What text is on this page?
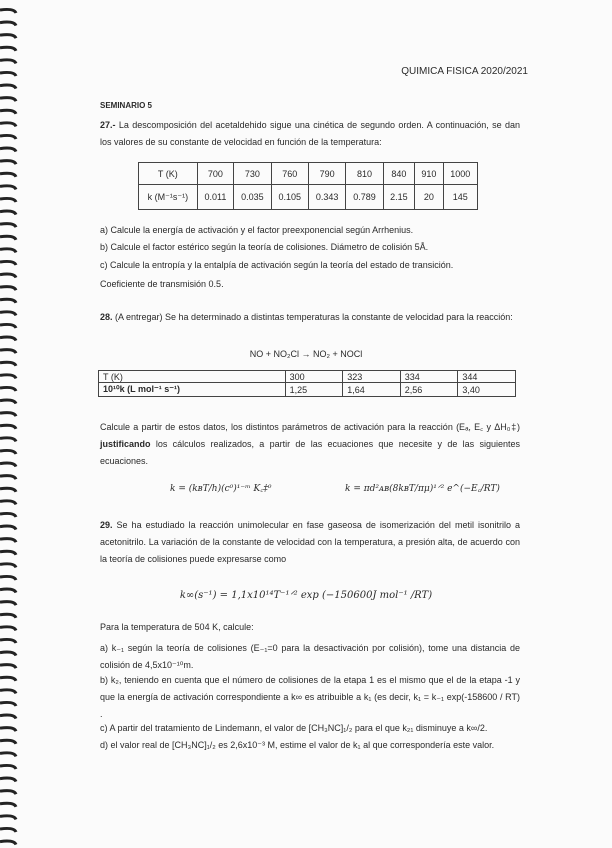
QUIMICA FISICA 2020/2021
SEMINARIO 5
27.- La descomposición del acetaldehido sigue una cinética de segundo orden. A continuación, se dan los valores de su constante de velocidad en función de la temperatura:
T (K)	700	730	760	790	810	840	910	1000
k (M⁻¹s⁻¹)	0.011	0.035	0.105	0.343	0.789	2.15	20	145
a) Calcule la energía de activación y el factor preexponencial según Arrhenius.
b) Calcule el factor estérico según la teoría de colisiones. Diámetro de colisión 5Å.
c) Calcule la entropía y la entalpía de activación según la teoría del estado de transición.
Coeficiente de transmisión 0.5.
28. (A entregar) Se ha determinado a distintas temperaturas la constante de velocidad para la reacción:
NO + NO₂Cl → NO₂ + NOCl
T (K)	300	323	334	344
10¹⁰k (L mol⁻¹ s⁻¹)	1,25	1,64	2,56	3,40
Calcule a partir de estos datos, los distintos parámetros de activación para la reacción (Eₐ, E꜀ y ΔH₀‡) justificando los cálculos realizados, a partir de las ecuaciones que necesite y de las siguientes ecuaciones.
k = (kʙT/h)(c⁰)¹⁻ᵐ K꜀‡⁰	k = πd²ᴀʙ(8kʙT/πμ)¹ᐟ² e^(−E꜀/RT)
29. Se ha estudiado la reacción unimolecular en fase gaseosa de isomerización del metil isonitrilo a acetonitrilo. La variación de la constante de velocidad con la temperatura, a presión alta, de acuerdo con la teoría de colisiones puede expresarse como
k∞(s⁻¹) = 1,1x10¹⁴T⁻¹ᐟ² exp (−150600J mol⁻¹ /RT)
Para la temperatura de 504 K, calcule:
a) k₋₁ según la teoría de colisiones (E₋₁=0 para la desactivación por colisión), tome una distancia de colisión de 4,5x10⁻¹⁰m.
b) k₂, teniendo en cuenta que el número de colisiones de la etapa 1 es el mismo que el de la etapa -1 y que la energía de activación correspondiente a k∞ es atribuible a k₁ (es decir, k₁ = k₋₁ exp(-158600 / RT) .
c) A partir del tratamiento de Lindemann, el valor de [CH₃NC]₁/₂ para el que k₂₁ disminuye a k∞/2.
d) el valor real de [CH₃NC]₁/₂ es 2,6x10⁻³ M, estime el valor de k₁ al que correspondería este valor.
